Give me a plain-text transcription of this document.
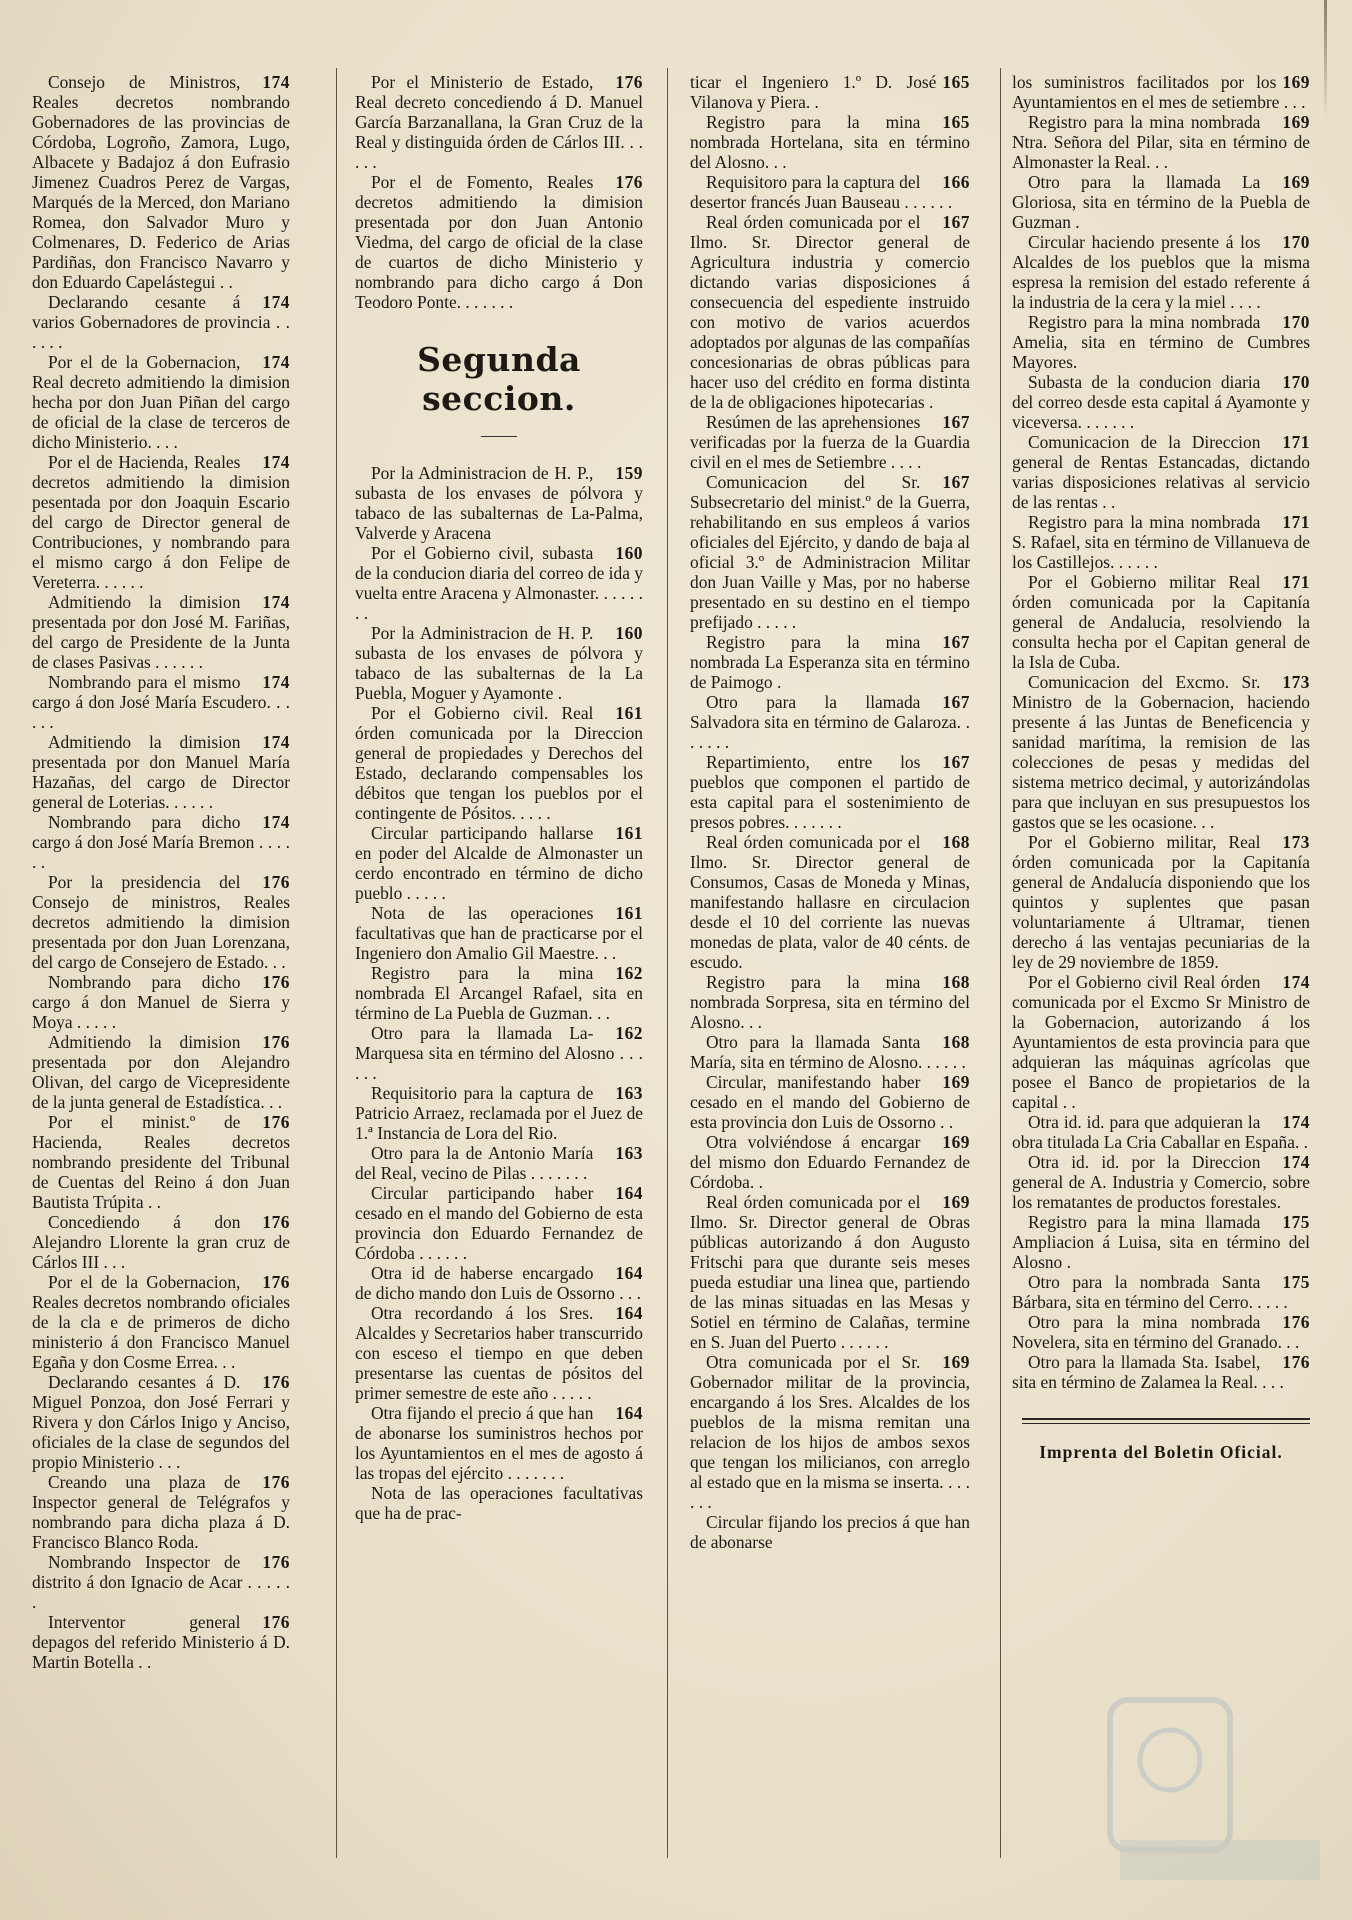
174
Consejo de Ministros, Reales decretos nombrando Gobernadores de las provincias de Córdoba, Logroño, Zamora, Lugo, Albacete y Badajoz á don Eufrasio Jimenez Cuadros Perez de Vargas, Marqués de la Merced, don Mariano Romea, don Salvador Muro y Colmenares, D. Federico de Arias Pardiñas, don Francisco Navarro y don Eduardo Capelástegui . .

174
Declarando cesante á varios Gobernadores de provincia . . . . . .

174
Por el de la Gobernacion, Real decreto admitiendo la dimision hecha por don Juan Piñan del cargo de oficial de la clase de terceros de dicho Ministerio. . . .

174
Por el de Hacienda, Reales decretos admitiendo la dimision pesentada por don Joaquin Escario del cargo de Director general de Contribuciones, y nombrando para el mismo cargo á don Felipe de Vereterra. . . . . .

174
Admitiendo la dimision presentada por don José M. Fariñas, del cargo de Presidente de la Junta de clases Pasivas . . . . . .

174
Nombrando para el mismo cargo á don José María Escudero. . . . . .

174
Admitiendo la dimision presentada por don Manuel María Hazañas, del cargo de Director general de Loterias. . . . . .

174
Nombrando para dicho cargo á don José María Bremon . . . . . .

176
Por la presidencia del Consejo de ministros, Reales decretos admitiendo la dimision presentada por don Juan Lorenzana, del cargo de Consejero de Estado. . .

176
Nombrando para dicho cargo á don Manuel de Sierra y Moya . . . . .

176
Admitiendo la dimision presentada por don Alejandro Olivan, del cargo de Vicepresidente de la junta general de Estadística. . .

176
Por el minist.º de Hacienda, Reales decretos nombrando presidente del Tribunal de Cuentas del Reino á don Juan Bautista Trúpita . .

176
Concediendo á don Alejandro Llorente la gran cruz de Cárlos III . . .

176
Por el de la Gobernacion, Reales decretos nombrando oficiales de la cla e de primeros de dicho ministerio á don Francisco Manuel Egaña y don Cosme Errea. . .

176
Declarando cesantes á D. Miguel Ponzoa, don José Ferrari y Rivera y don Cárlos Inigo y Anciso, oficiales de la clase de segundos del propio Ministerio . . .

176
Creando una plaza de Inspector general de Telégrafos y nombrando para dicha plaza á D. Francisco Blanco Roda.

176
Nombrando Inspector de distrito á don Ignacio de Acar . . . . . .

176
Interventor general depagos del referido Ministerio á D. Martin Botella . .

176
Por el Ministerio de Estado, Real decreto concediendo á D. Manuel García Barzanallana, la Gran Cruz de la Real y distinguida órden de Cárlos III. . . . . .

176
Por el de Fomento, Reales decretos admitiendo la dimision presentada por don Juan Antonio Viedma, del cargo de oficial de la clase de cuartos de dicho Ministerio y nombrando para dicho cargo á Don Teodoro Ponte. . . . . . .

Segunda seccion.

159
Por la Administracion de H. P., subasta de los envases de pólvora y tabaco de las subalternas de La-Palma, Valverde y Aracena

160
Por el Gobierno civil, subasta de la conducion diaria del correo de ida y vuelta entre Aracena y Almonaster. . . . . . . .

160
Por la Administracion de H. P. subasta de los envases de pólvora y tabaco de las subalternas de la La Puebla, Moguer y Ayamonte .

161
Por el Gobierno civil. Real órden comunicada por la Direccion general de propiedades y Derechos del Estado, declarando compensables los débitos que tengan los pueblos por el contingente de Pósitos. . . . .

161
Circular participando hallarse en poder del Alcalde de Almonaster un cerdo encontrado en término de dicho pueblo . . . . .

161
Nota de las operaciones facultativas que han de practicarse por el Ingeniero don Amalio Gil Maestre. . .

162
Registro para la mina nombrada El Arcangel Rafael, sita en término de La Puebla de Guzman. . .

162
Otro para la llamada La-Marquesa sita en término del Alosno . . . . . .

163
Requisitorio para la captura de Patricio Arraez, reclamada por el Juez de 1.ª Instancia de Lora del Rio.

163
Otro para la de Antonio María del Real, vecino de Pilas . . . . . . .

164
Circular participando haber cesado en el mando del Gobierno de esta provincia don Eduardo Fernandez de Córdoba . . . . . .

164
Otra id de haberse encargado de dicho mando don Luis de Ossorno . . .

164
Otra recordando á los Sres. Alcaldes y Secretarios haber transcurrido con esceso el tiempo en que deben presentarse las cuentas de pósitos del primer semestre de este año . . . . .

164
Otra fijando el precio á que han de abonarse los suministros hechos por los Ayuntamientos en el mes de agosto á las tropas del ejército . . . . . . .

Nota de las operaciones facultativas que ha de prac-

165
ticar el Ingeniero 1.º D. José Vilanova y Piera. .

165
Registro para la mina nombrada Hortelana, sita en término del Alosno. . .

166
Requisitoro para la captura del desertor francés Juan Bauseau . . . . . .

167
Real órden comunicada por el Ilmo. Sr. Director general de Agricultura industria y comercio dictando varias disposiciones á consecuencia del espediente instruido con motivo de varios acuerdos adoptados por algunas de las compañías concesionarias de obras públicas para hacer uso del crédito en forma distinta de la de obligaciones hipotecarias .

167
Resúmen de las aprehensiones verificadas por la fuerza de la Guardia civil en el mes de Setiembre . . . .

167
Comunicacion del Sr. Subsecretario del minist.º de la Guerra, rehabilitando en sus empleos á varios oficiales del Ejército, y dando de baja al oficial 3.º de Administracion Militar don Juan Vaille y Mas, por no haberse presentado en su destino en el tiempo prefijado . . . . .

167
Registro para la mina nombrada La Esperanza sita en término de Paimogo .

167
Otro para la llamada Salvadora sita en término de Galaroza. . . . . . .

167
Repartimiento, entre los pueblos que componen el partido de esta capital para el sostenimiento de presos pobres. . . . . . .

168
Real órden comunicada por el Ilmo. Sr. Director general de Consumos, Casas de Moneda y Minas, manifestando hallasre en circulacion desde el 10 del corriente las nuevas monedas de plata, valor de 40 cénts. de escudo.

168
Registro para la mina nombrada Sorpresa, sita en término del Alosno. . .

168
Otro para la llamada Santa María, sita en término de Alosno. . . . . .

169
Circular, manifestando haber cesado en el mando del Gobierno de esta provincia don Luis de Ossorno . .

169
Otra volviéndose á encargar del mismo don Eduardo Fernandez de Córdoba. .

169
Real órden comunicada por el Ilmo. Sr. Director general de Obras públicas autorizando á don Augusto Fritschi para que durante seis meses pueda estudiar una linea que, partiendo de las minas situadas en las Mesas y Sotiel en término de Calañas, termine en S. Juan del Puerto . . . . . .

169
Otra comunicada por el Sr. Gobernador militar de la provincia, encargando á los Sres. Alcaldes de los pueblos de la misma remitan una relacion de los hijos de ambos sexos que tengan los milicianos, con arreglo al estado que en la misma se inserta. . . . . . .

Circular fijando los precios á que han de abonarse

169
los suministros facilitados por los Ayuntamientos en el mes de setiembre . . .

169
Registro para la mina nombrada Ntra. Señora del Pilar, sita en término de Almonaster la Real. . .

169
Otro para la llamada La Gloriosa, sita en término de la Puebla de Guzman .

170
Circular haciendo presente á los Alcaldes de los pueblos que la misma espresa la remision del estado referente á la industria de la cera y la miel . . . .

170
Registro para la mina nombrada Amelia, sita en término de Cumbres Mayores.

170
Subasta de la conducion diaria del correo desde esta capital á Ayamonte y viceversa. . . . . . .

171
Comunicacion de la Direccion general de Rentas Estancadas, dictando varias disposiciones relativas al servicio de las rentas . .

171
Registro para la mina nombrada S. Rafael, sita en término de Villanueva de los Castillejos. . . . . .

171
Por el Gobierno militar Real órden comunicada por la Capitanía general de Andalucia, resolviendo la consulta hecha por el Capitan general de la Isla de Cuba.

173
Comunicacion del Excmo. Sr. Ministro de la Gobernacion, haciendo presente á las Juntas de Beneficencia y sanidad marítima, la remision de las colecciones de pesas y medidas del sistema metrico decimal, y autorizándolas para que incluyan en sus presupuestos los gastos que se les ocasione. . .

173
Por el Gobierno militar, Real órden comunicada por la Capitanía general de Andalucía disponiendo que los quintos y suplentes que pasan voluntariamente á Ultramar, tienen derecho á las ventajas pecuniarias de la ley de 29 noviembre de 1859.

174
Por el Gobierno civil Real órden comunicada por el Excmo Sr Ministro de la Gobernacion, autorizando á los Ayuntamientos de esta provincia para que adquieran las máquinas agrícolas que posee el Banco de propietarios de la capital . .

174
Otra id. id. para que adquieran la obra titulada La Cria Caballar en España. .

174
Otra id. id. por la Direccion general de A. Industria y Comercio, sobre los rematantes de productos forestales.

175
Registro para la mina llamada Ampliacion á Luisa, sita en término del Alosno .

175
Otro para la nombrada Santa Bárbara, sita en término del Cerro. . . . .

176
Otro para la mina nombrada Novelera, sita en término del Granado. . .

176
Otro para la llamada Sta. Isabel, sita en término de Zalamea la Real. . . .

Imprenta del Boletin Oficial.
